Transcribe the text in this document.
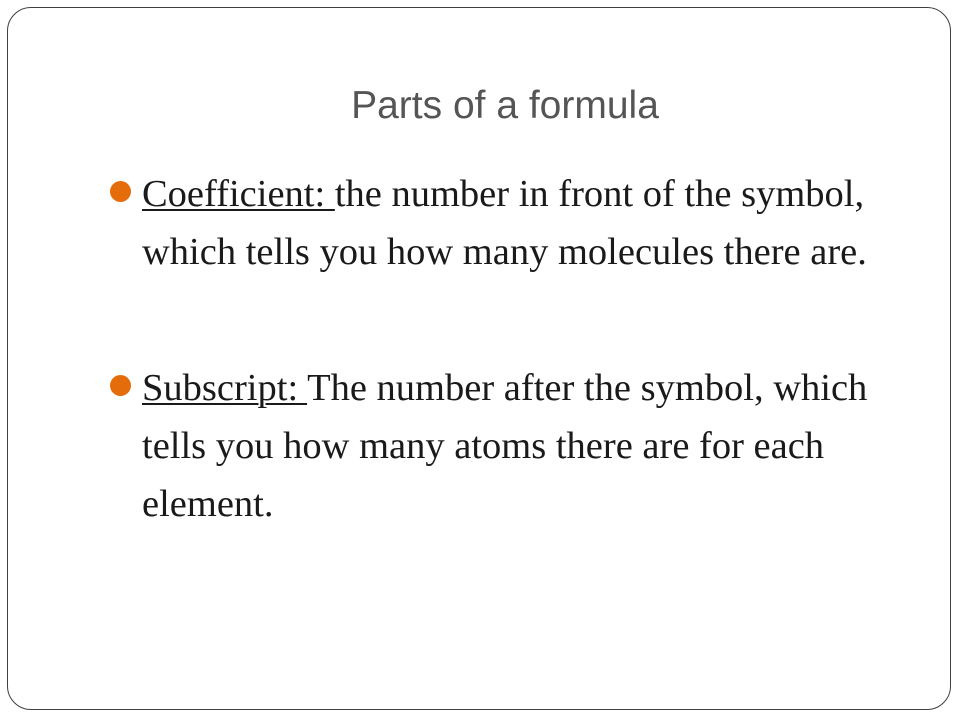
Parts of a formula
Coefficient: the number in front of the symbol, which tells you how many molecules there are.
Subscript: The number after the symbol, which tells you how many atoms there are for each element.
